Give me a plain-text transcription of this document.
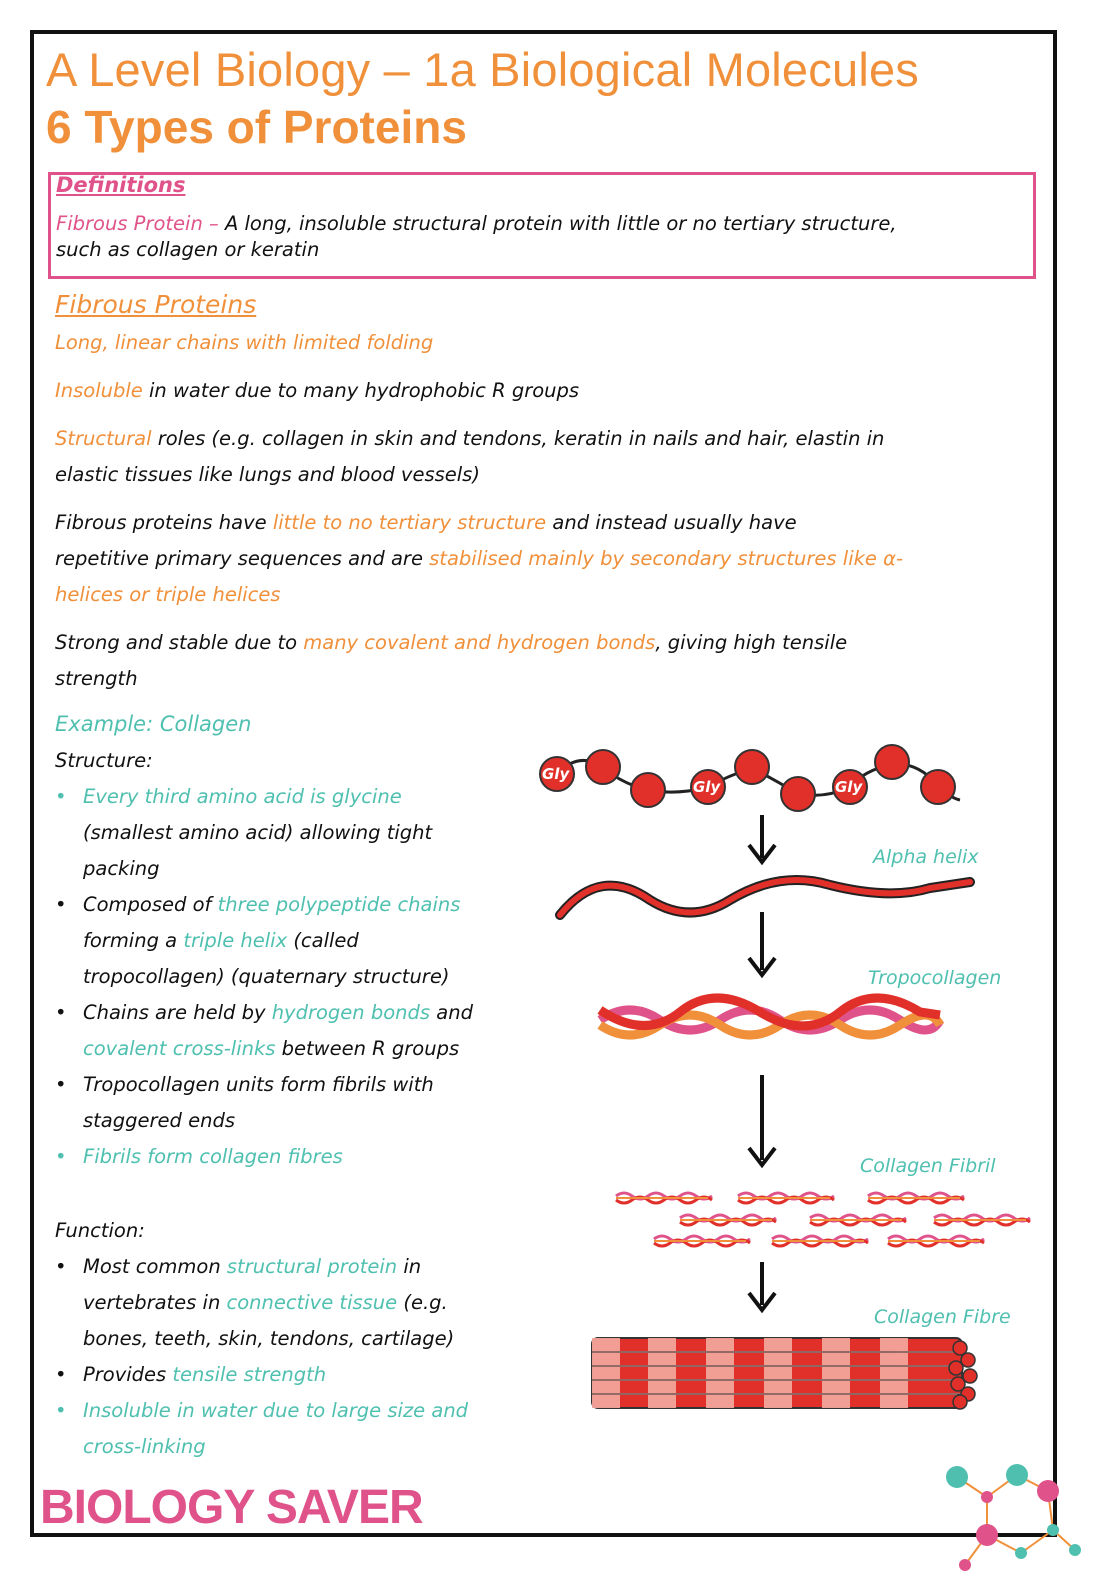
A Level Biology – 1a Biological Molecules
6 Types of Proteins
Definitions
Fibrous Protein – A long, insoluble structural protein with little or no tertiary structure,
such as collagen or keratin
Fibrous Proteins
Long, linear chains with limited folding
Insoluble in water due to many hydrophobic R groups
Structural roles (e.g. collagen in skin and tendons, keratin in nails and hair, elastin in
elastic tissues like lungs and blood vessels)
Fibrous proteins have little to no tertiary structure and instead usually have
repetitive primary sequences and are stabilised mainly by secondary structures like α-
helices or triple helices
Strong and stable due to many covalent and hydrogen bonds, giving high tensile
strength
Example: Collagen
Structure:
• Every third amino acid is glycine
(smallest amino acid) allowing tight
packing
• Composed of three polypeptide chains
forming a triple helix (called
tropocollagen) (quaternary structure)
• Chains are held by hydrogen bonds and
covalent cross-links between R groups
• Tropocollagen units form fibrils with
staggered ends
• Fibrils form collagen fibres
Function:
• Most common structural protein in
vertebrates in connective tissue (e.g.
bones, teeth, skin, tendons, cartilage)
• Provides tensile strength
• Insoluble in water due to large size and
cross-linking
Gly
Gly	Gly
Alpha helix
Tropocollagen
Collagen Fibril
Collagen Fibre
BIOLOGY SAVER
